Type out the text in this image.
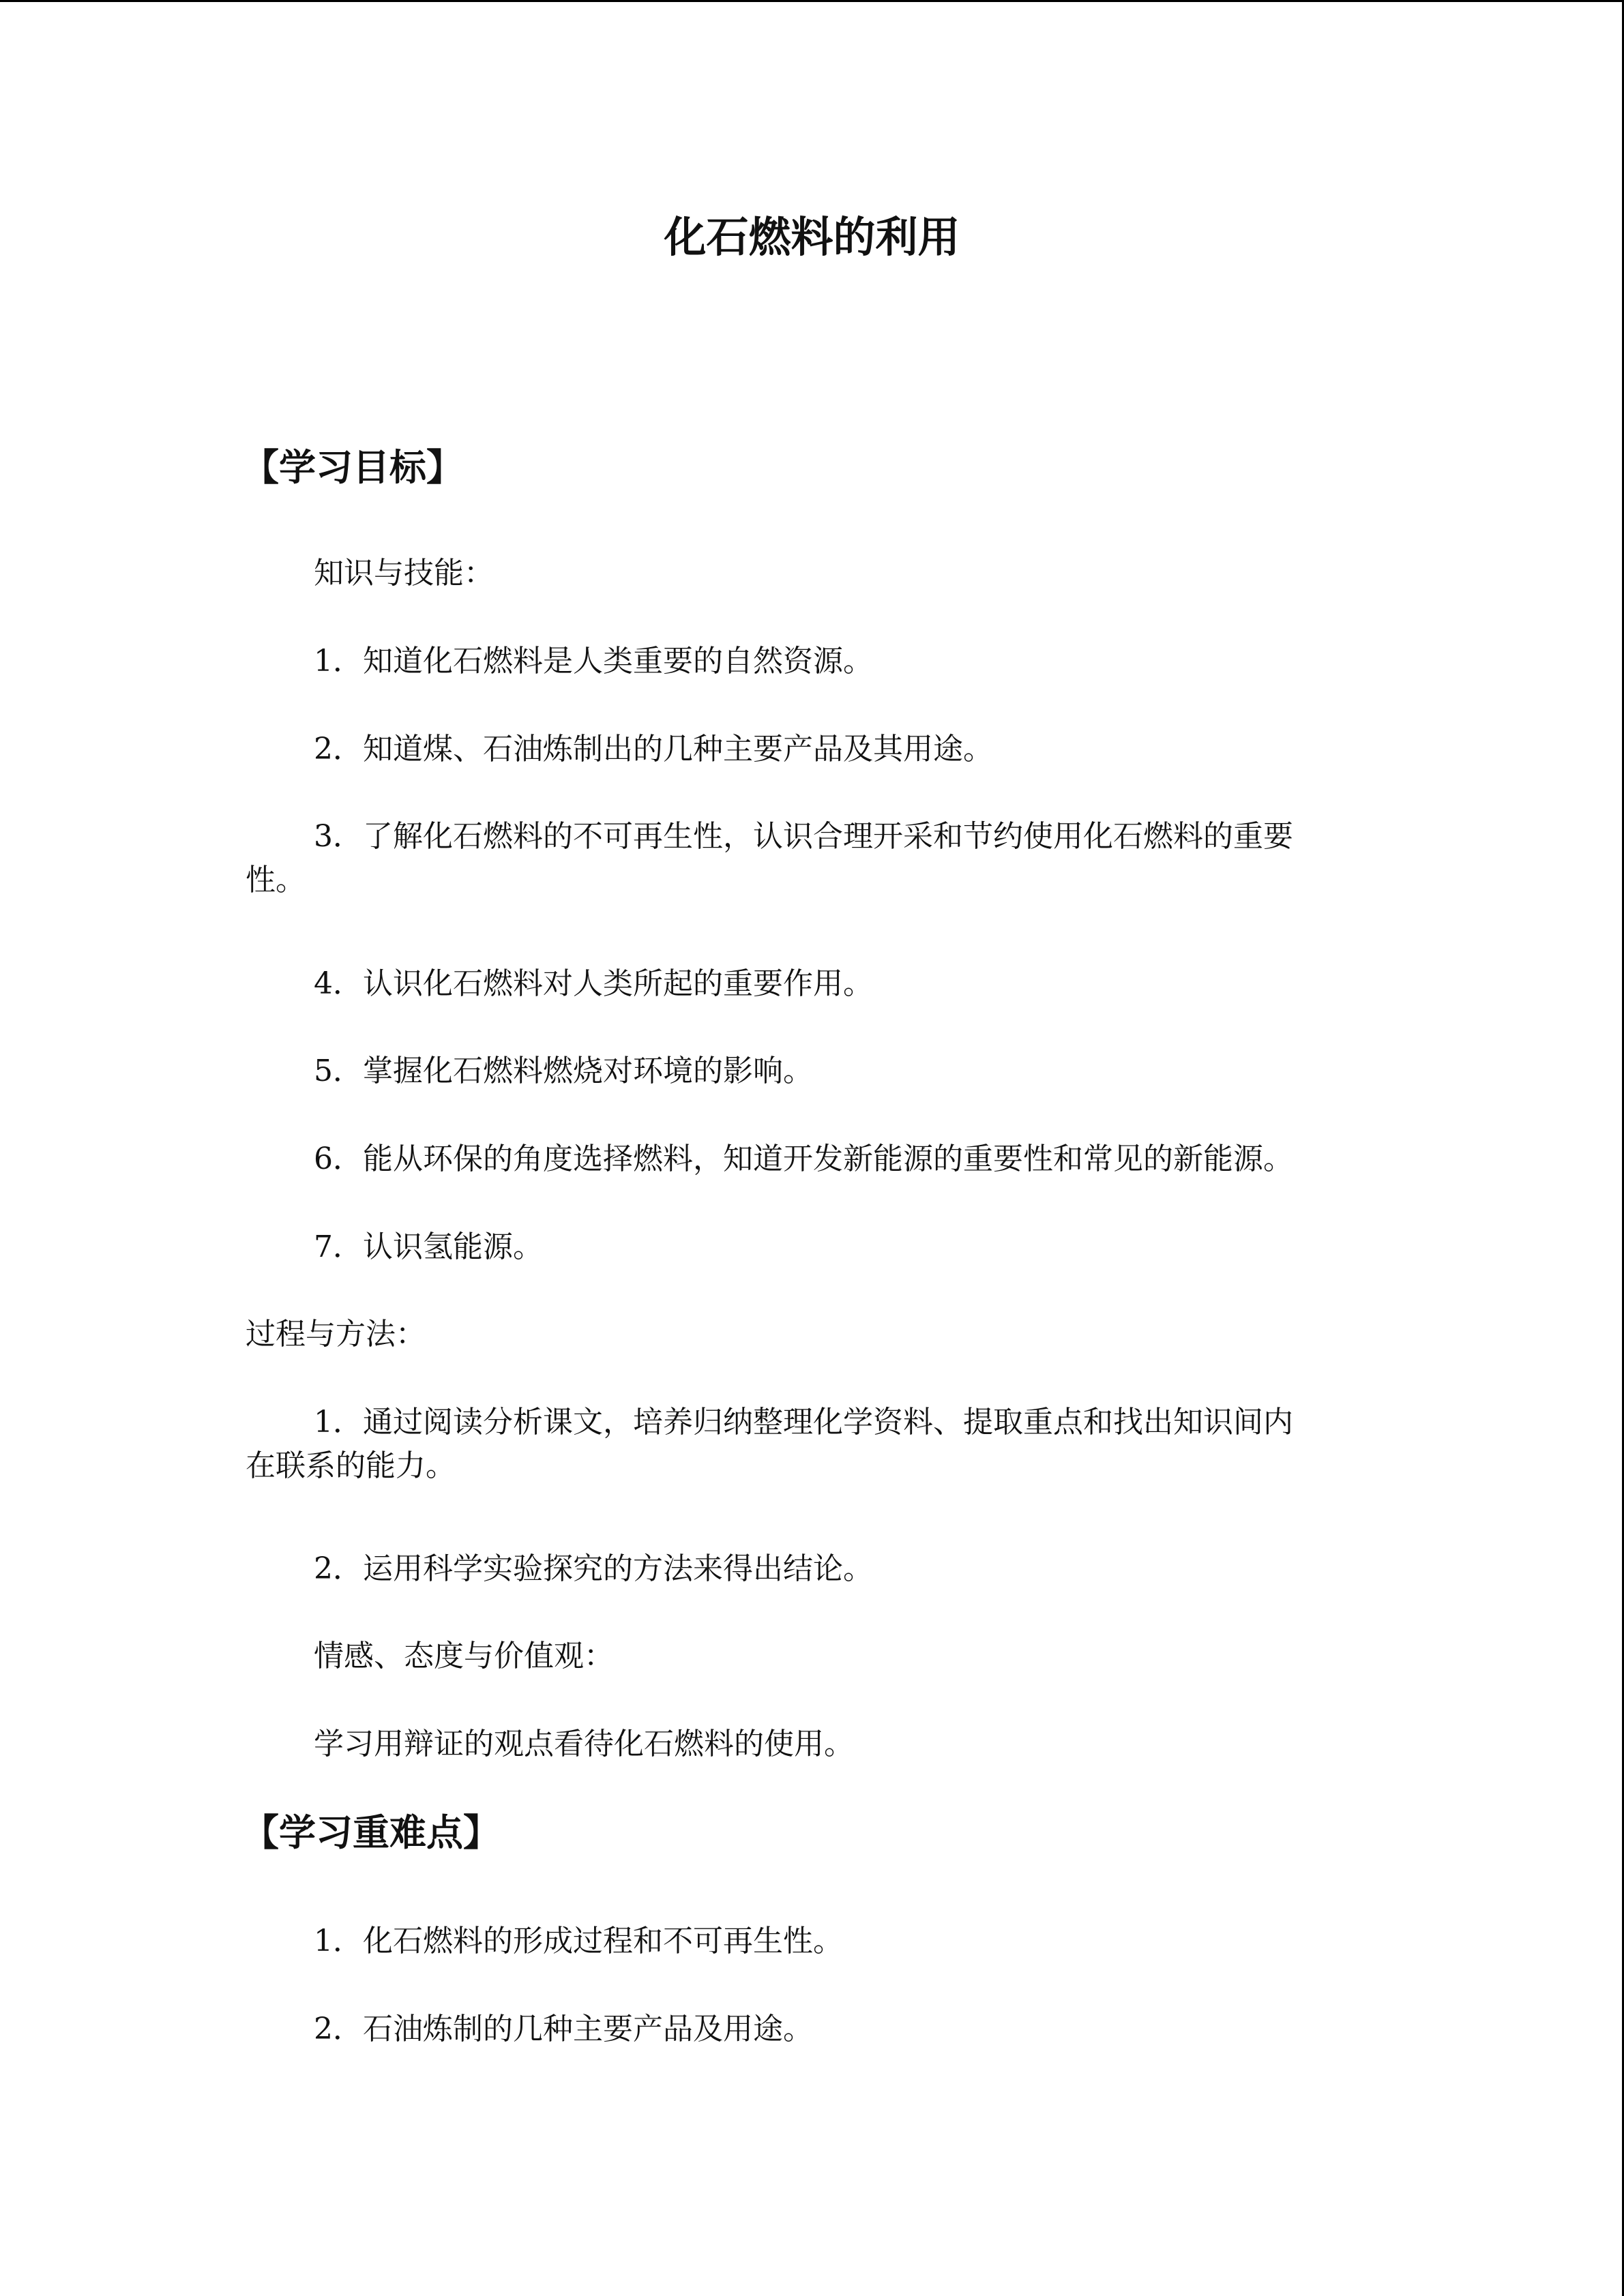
化石燃料的利用
【学习目标】

知识与技能：

1．知道化石燃料是人类重要的自然资源。

2．知道煤、石油炼制出的几种主要产品及其用途。

3．了解化石燃料的不可再生性，认识合理开采和节约使用化石燃料的重要
性。

4．认识化石燃料对人类所起的重要作用。

5．掌握化石燃料燃烧对环境的影响。

6．能从环保的角度选择燃料，知道开发新能源的重要性和常见的新能源。

7．认识氢能源。

过程与方法：

1．通过阅读分析课文，培养归纳整理化学资料、提取重点和找出知识间内
在联系的能力。

2．运用科学实验探究的方法来得出结论。

情感、态度与价值观：

学习用辩证的观点看待化石燃料的使用。

【学习重难点】

1．化石燃料的形成过程和不可再生性。

2．石油炼制的几种主要产品及用途。
